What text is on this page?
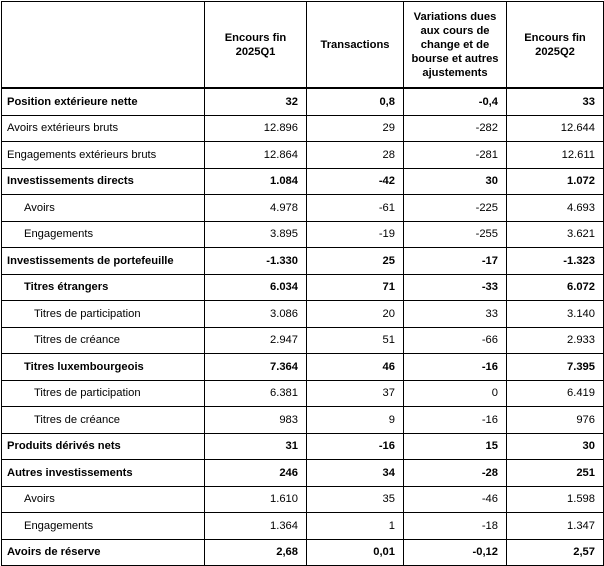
	Encours fin 2025Q1	Transactions	Variations dues aux cours de change et de bourse et autres ajustements	Encours fin 2025Q2
Position extérieure nette	32	0,8	-0,4	33
Avoirs extérieurs bruts	12.896	29	-282	12.644
Engagements extérieurs bruts	12.864	28	-281	12.611
Investissements directs	1.084	-42	30	1.072
Avoirs	4.978	-61	-225	4.693
Engagements	3.895	-19	-255	3.621
Investissements de portefeuille	-1.330	25	-17	-1.323
Titres étrangers	6.034	71	-33	6.072
Titres de participation	3.086	20	33	3.140
Titres de créance	2.947	51	-66	2.933
Titres luxembourgeois	7.364	46	-16	7.395
Titres de participation	6.381	37	0	6.419
Titres de créance	983	9	-16	976
Produits dérivés nets	31	-16	15	30
Autres investissements	246	34	-28	251
Avoirs	1.610	35	-46	1.598
Engagements	1.364	1	-18	1.347
Avoirs de réserve	2,68	0,01	-0,12	2,57
